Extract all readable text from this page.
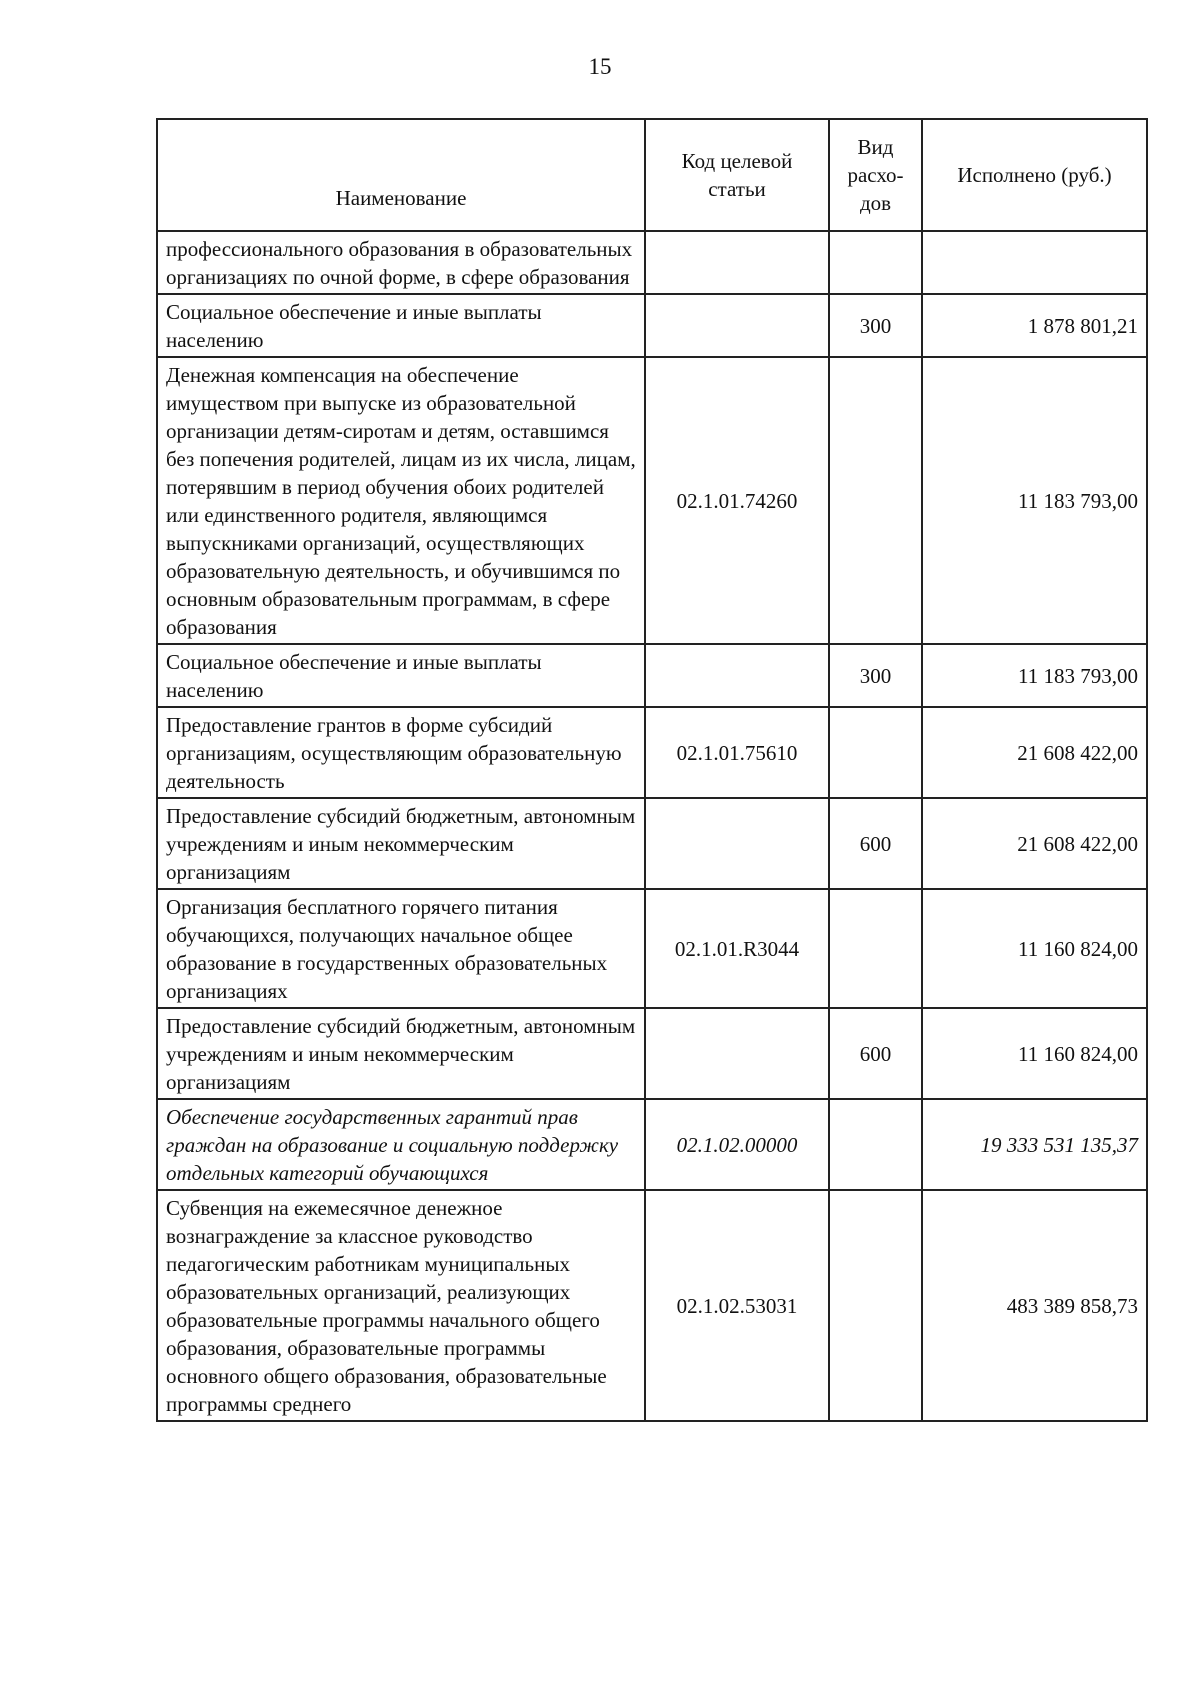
15
Наименование	Код целевой статьи	Вид расхо-дов	Исполнено (руб.)
профессионального образования в образовательных организациях по очной форме, в сфере образования			
Социальное обеспечение и иные выплаты населению		300	1 878 801,21
Денежная компенсация на обеспечение имуществом при выпуске из образовательной организации детям-сиротам и детям, оставшимся без попечения родителей, лицам из их числа, лицам, потерявшим в период обучения обоих родителей или единственного родителя, являющимся выпускниками организаций, осуществляющих образовательную деятельность, и обучившимся по основным образовательным программам, в сфере образования	02.1.01.74260		11 183 793,00
Социальное обеспечение и иные выплаты населению		300	11 183 793,00
Предоставление грантов в форме субсидий организациям, осуществляющим образовательную деятельность	02.1.01.75610		21 608 422,00
Предоставление субсидий бюджетным, автономным учреждениям и иным некоммерческим организациям		600	21 608 422,00
Организация бесплатного горячего питания обучающихся, получающих начальное общее образование в государственных образовательных организациях	02.1.01.R3044		11 160 824,00
Предоставление субсидий бюджетным, автономным учреждениям и иным некоммерческим организациям		600	11 160 824,00
Обеспечение государственных гарантий прав граждан на образование и социальную поддержку отдельных категорий обучающихся	02.1.02.00000		19 333 531 135,37
Субвенция на ежемесячное денежное вознаграждение за классное руководство педагогическим работникам муниципальных образовательных организаций, реализующих образовательные программы начального общего образования, образовательные программы основного общего образования, образовательные программы среднего	02.1.02.53031		483 389 858,73
